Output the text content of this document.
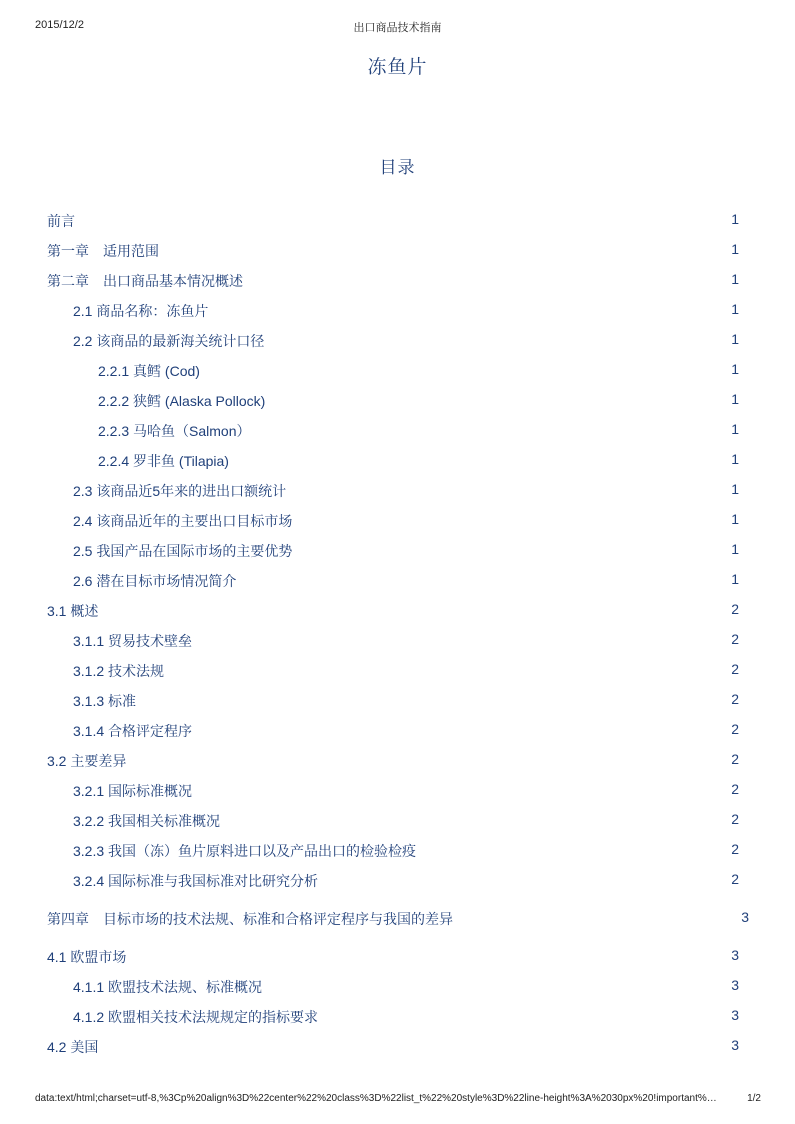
2015/12/2	出口商品技术指南
冻鱼片
目录
前言	1
第一章　适用范围	1
第二章　出口商品基本情况概述	1
2.1 商品名称：冻鱼片	1
2.2 该商品的最新海关统计口径	1
2.2.1 真鳕 (Cod)	1
2.2.2 狭鳕 (Alaska Pollock)	1
2.2.3 马哈鱼（Salmon）	1
2.2.4 罗非鱼 (Tilapia)	1
2.3 该商品近5年来的进出口额统计	1
2.4 该商品近年的主要出口目标市场	1
2.5 我国产品在国际市场的主要优势	1
2.6 潜在目标市场情况简介	1
3.1 概述	2
3.1.1 贸易技术壁垒	2
3.1.2 技术法规	2
3.1.3 标准	2
3.1.4 合格评定程序	2
3.2 主要差异	2
3.2.1 国际标准概况	2
3.2.2 我国相关标准概况	2
3.2.3 我国（冻）鱼片原料进口以及产品出口的检验检疫	2
3.2.4 国际标准与我国标准对比研究分析	2
第四章　目标市场的技术法规、标准和合格评定程序与我国的差异	3
4.1 欧盟市场	3
4.1.1 欧盟技术法规、标准概况	3
4.1.2 欧盟相关技术法规规定的指标要求	3
4.2 美国	3
data:text/html;charset=utf-8,%3Cp%20align%3D%22center%22%20class%3D%22list_t%22%20style%3D%22line-height%3A%2030px%20!important%…	1/2
